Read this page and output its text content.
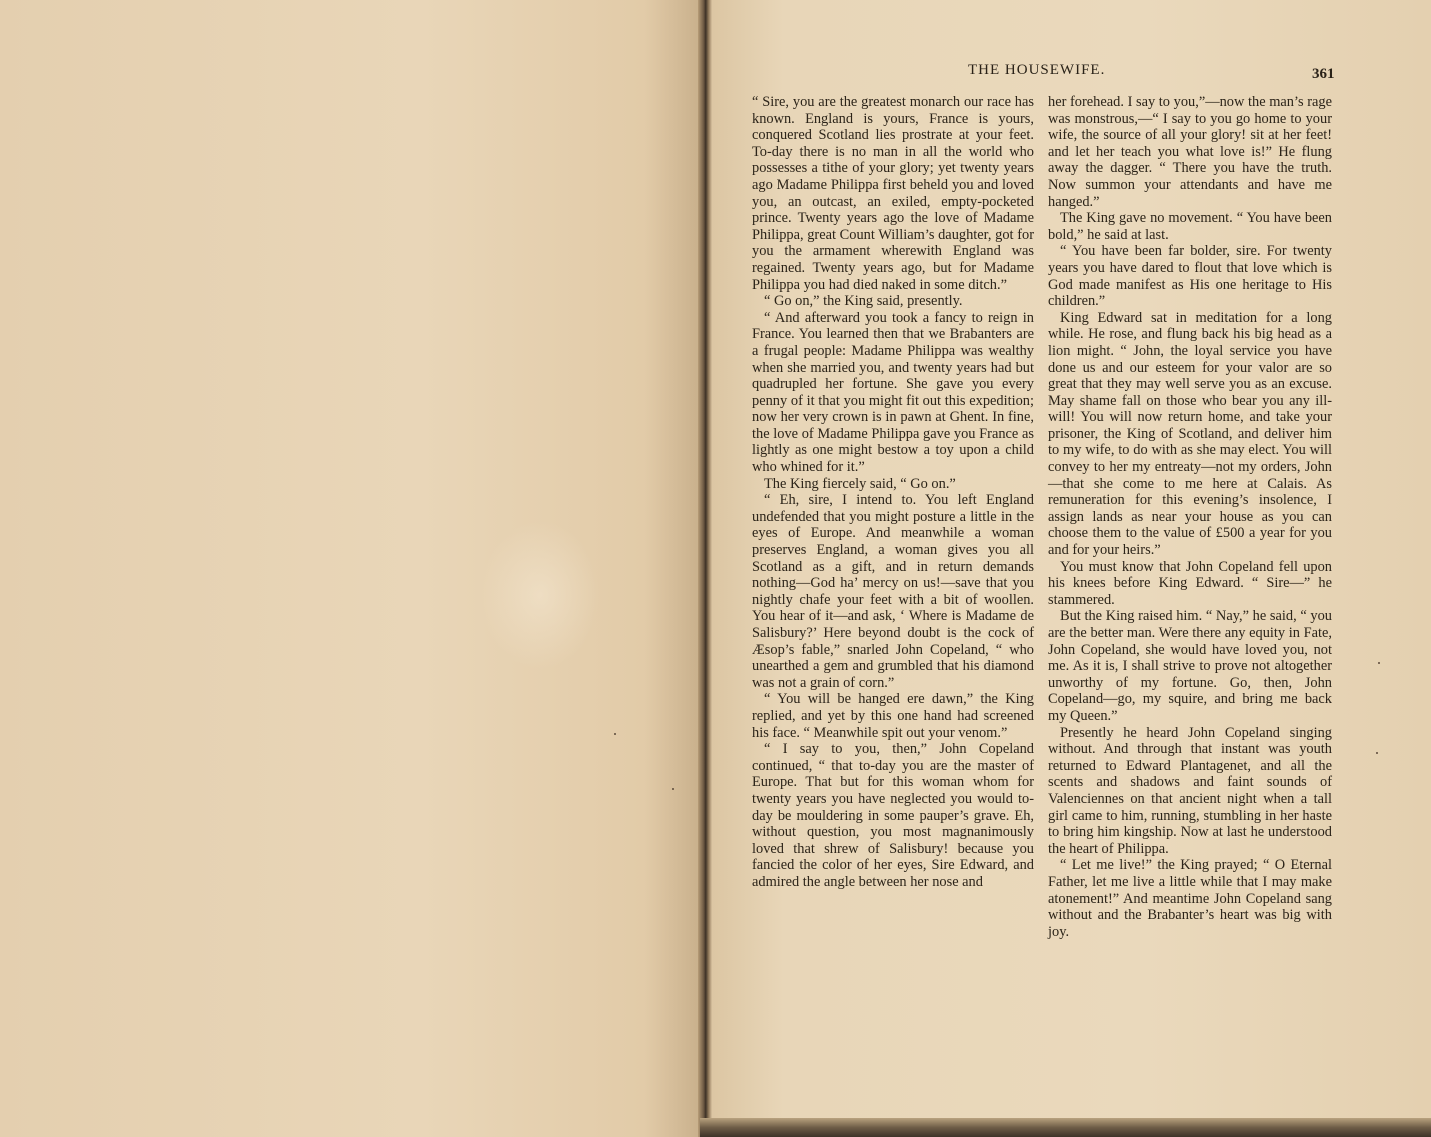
THE HOUSEWIFE.	361

“ Sire, you are the greatest monarch our race has known. England is yours, France is yours, conquered Scotland lies prostrate at your feet. To-day there is no man in all the world who possesses a tithe of your glory; yet twenty years ago Madame Philippa first beheld you and loved you, an outcast, an exiled, empty-pocketed prince. Twenty years ago the love of Madame Philippa, great Count William’s daughter, got for you the armament wherewith England was regained. Twenty years ago, but for Madame Philippa you had died naked in some ditch.”

“ Go on,” the King said, presently.

“ And afterward you took a fancy to reign in France. You learned then that we Brabanters are a frugal people: Madame Philippa was wealthy when she married you, and twenty years had but quadrupled her fortune. She gave you every penny of it that you might fit out this expedition; now her very crown is in pawn at Ghent. In fine, the love of Madame Philippa gave you France as lightly as one might bestow a toy upon a child who whined for it.”

The King fiercely said, “ Go on.”

“ Eh, sire, I intend to. You left England undefended that you might posture a little in the eyes of Europe. And meanwhile a woman preserves England, a woman gives you all Scotland as a gift, and in return demands nothing—God ha’ mercy on us!—save that you nightly chafe your feet with a bit of woollen. You hear of it—and ask, ‘ Where is Madame de Salisbury?’ Here beyond doubt is the cock of Æsop’s fable,” snarled John Copeland, “ who unearthed a gem and grumbled that his diamond was not a grain of corn.”

“ You will be hanged ere dawn,” the King replied, and yet by this one hand had screened his face. “ Meanwhile spit out your venom.”

“ I say to you, then,” John Copeland continued, “ that to-day you are the master of Europe. That but for this woman whom for twenty years you have neglected you would to-day be mouldering in some pauper’s grave. Eh, without question, you most magnanimously loved that shrew of Salisbury! because you fancied the color of her eyes, Sire Edward, and admired the angle between her nose and

her forehead. I say to you,”—now the man’s rage was monstrous,—“ I say to you go home to your wife, the source of all your glory! sit at her feet! and let her teach you what love is!” He flung away the dagger. “ There you have the truth. Now summon your attendants and have me hanged.”

The King gave no movement. “ You have been bold,” he said at last.

“ You have been far bolder, sire. For twenty years you have dared to flout that love which is God made manifest as His one heritage to His children.”

King Edward sat in meditation for a long while. He rose, and flung back his big head as a lion might. “ John, the loyal service you have done us and our esteem for your valor are so great that they may well serve you as an excuse. May shame fall on those who bear you any ill-will! You will now return home, and take your prisoner, the King of Scotland, and deliver him to my wife, to do with as she may elect. You will convey to her my entreaty—not my orders, John—that she come to me here at Calais. As remuneration for this evening’s insolence, I assign lands as near your house as you can choose them to the value of £500 a year for you and for your heirs.”

You must know that John Copeland fell upon his knees before King Edward. “ Sire—” he stammered.

But the King raised him. “ Nay,” he said, “ you are the better man. Were there any equity in Fate, John Copeland, she would have loved you, not me. As it is, I shall strive to prove not altogether unworthy of my fortune. Go, then, John Copeland—go, my squire, and bring me back my Queen.”

Presently he heard John Copeland singing without. And through that instant was youth returned to Edward Plantagenet, and all the scents and shadows and faint sounds of Valenciennes on that ancient night when a tall girl came to him, running, stumbling in her haste to bring him kingship. Now at last he understood the heart of Philippa.

“ Let me live!” the King prayed; “ O Eternal Father, let me live a little while that I may make atonement!” And meantime John Copeland sang without and the Brabanter’s heart was big with joy.
